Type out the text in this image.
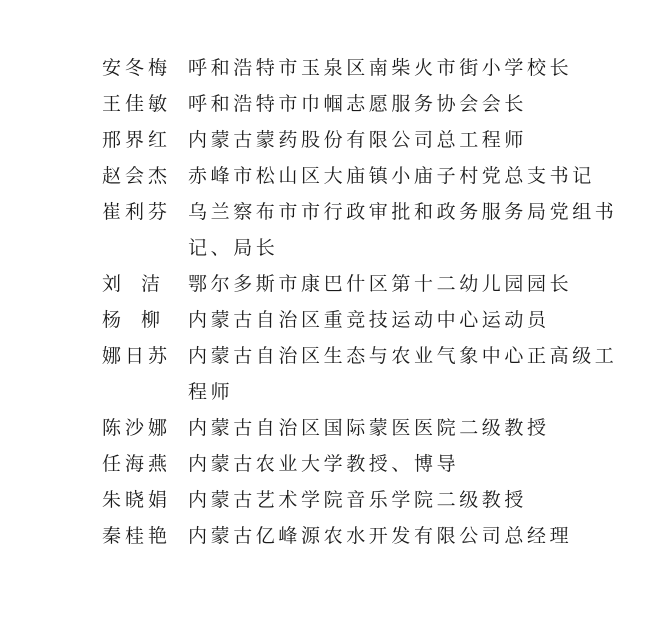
安冬梅 呼和浩特市玉泉区南柴火市街小学校长
王佳敏 呼和浩特市巾帼志愿服务协会会长
邢界红 内蒙古蒙药股份有限公司总工程师
赵会杰 赤峰市松山区大庙镇小庙子村党总支书记
崔利芬 乌兰察布市市行政审批和政务服务局党组书记、局长
刘 洁 鄂尔多斯市康巴什区第十二幼儿园园长
杨 柳 内蒙古自治区重竞技运动中心运动员
娜日苏 内蒙古自治区生态与农业气象中心正高级工程师
陈沙娜 内蒙古自治区国际蒙医医院二级教授
任海燕 内蒙古农业大学教授、博导
朱晓娟 内蒙古艺术学院音乐学院二级教授
秦桂艳 内蒙古亿峰源农水开发有限公司总经理
